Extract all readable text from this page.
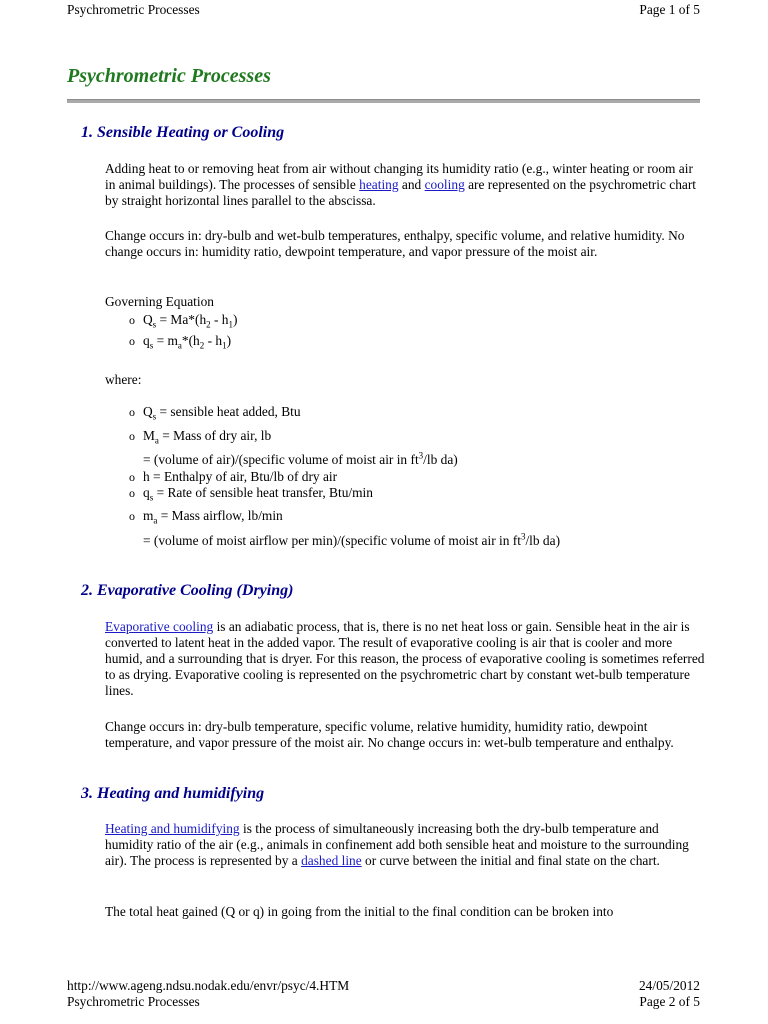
Psychrometric Processes	Page 1 of 5
Psychrometric Processes
1. Sensible Heating or Cooling

Adding heat to or removing heat from air without changing its humidity ratio (e.g., winter heating or room air in animal buildings). The processes of sensible heating and cooling are represented on the psychrometric chart by straight horizontal lines parallel to the abscissa.

Change occurs in: dry-bulb and wet-bulb temperatures, enthalpy, specific volume, and relative humidity. No change occurs in: humidity ratio, dewpoint temperature, and vapor pressure of the moist air.

Governing Equation

o $Q_s = Ma*(h_2 - h_1)$

o $q_s = m_a*(h_2 - h_1)$

where:

o $Q_s$ = sensible heat added, Btu

o $M_a$ = Mass of dry air, lb

= (volume of air)/(specific volume of moist air in $ft^3/lb$ da)

o h = Enthalpy of air, Btu/lb of dry air

o $q_s$ = Rate of sensible heat transfer, Btu/min

o $m_a$ = Mass airflow, lb/min

= (volume of moist airflow per min)/(specific volume of moist air in $ft^3/lb$ da)

2. Evaporative Cooling (Drying)

Evaporative cooling is an adiabatic process, that is, there is no net heat loss or gain. Sensible heat in the air is converted to latent heat in the added vapor. The result of evaporative cooling is air that is cooler and more humid, and a surrounding that is dryer. For this reason, the process of evaporative cooling is sometimes referred to as drying. Evaporative cooling is represented on the psychrometric chart by constant wet-bulb temperature lines.

Change occurs in: dry-bulb temperature, specific volume, relative humidity, humidity ratio, dewpoint temperature, and vapor pressure of the moist air. No change occurs in: wet-bulb temperature and enthalpy.

3. Heating and humidifying

Heating and humidifying is the process of simultaneously increasing both the dry-bulb temperature and humidity ratio of the air (e.g., animals in confinement add both sensible heat and moisture to the surrounding air). The process is represented by a dashed line or curve between the initial and final state on the chart.

The total heat gained (Q or q) in going from the initial to the final condition can be broken into

http://www.ageng.ndsu.nodak.edu/envr/psyc/4.HTM	24/05/2012
Psychrometric Processes	Page 2 of 5
